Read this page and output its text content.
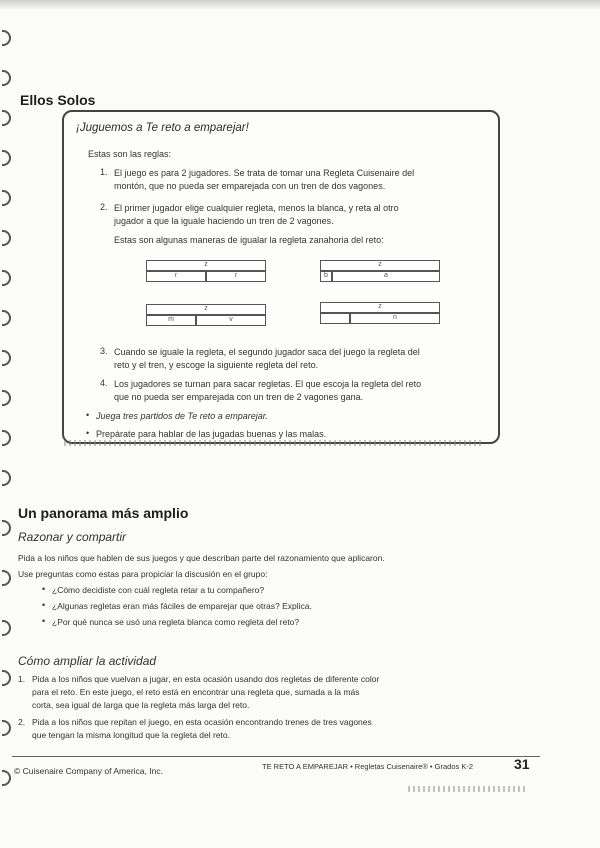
Ellos Solos
¡Juguemos a Te reto a emparejar!
Estas son las reglas:
1. El juego es para 2 jugadores. Se trata de tomar una Regleta Cuisenaire del
montón, que no pueda ser emparejada con un tren de dos vagones.
2. El primer jugador elige cualquier regleta, menos la blanca, y reta al otro
jugador a que la iguale haciendo un tren de 2 vagones.
Estas son algunas maneras de igualar la regleta zanahoria del reto:
z
r	r
z
b	a
z
m	v
z
n
3. Cuando se iguale la regleta, el segundo jugador saca del juego la regleta del
reto y el tren, y escoge la siguiente regleta del reto.
4. Los jugadores se turnan para sacar regletas. El que escoja la regleta del reto
que no pueda ser emparejada con un tren de 2 vagones gana.
• Juega tres partidos de Te reto a emparejar.
• Prepárate para hablar de las jugadas buenas y las malas.
Un panorama más amplio
Razonar y compartir
Pida a los niños que hablen de sus juegos y que describan parte del razonamiento que aplicaron.
Use preguntas como estas para propiciar la discusión en el grupo:
• ¿Cómo decidiste con cuál regleta retar a tu compañero?
• ¿Algunas regletas eran más fáciles de emparejar que otras? Explica.
• ¿Por qué nunca se usó una regleta blanca como regleta del reto?
Cómo ampliar la actividad
1. Pida a los niños que vuelvan a jugar, en esta ocasión usando dos regletas de diferente color
para el reto. En este juego, el reto está en encontrar una regleta que, sumada a la más
corta, sea igual de larga que la regleta más larga del reto.
2. Pida a los niños que repitan el juego, en esta ocasión encontrando trenes de tres vagones
que tengan la misma longitud que la regleta del reto.
© Cuisenaire Company of America, Inc.	TE RETO A EMPAREJAR • Regletas Cuisenaire® • Grados K-2	31
